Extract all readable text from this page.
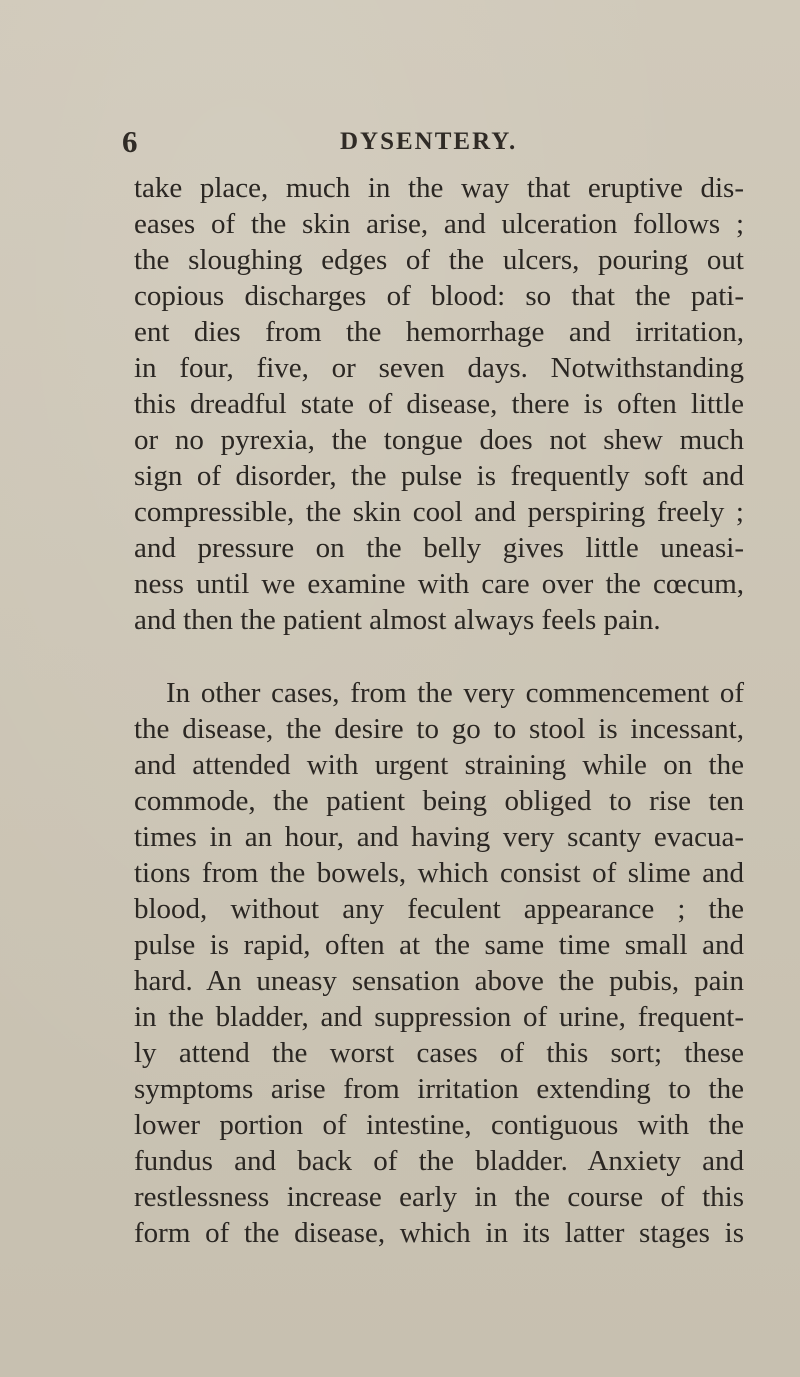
6	DYSENTERY.
take place, much in the way that eruptive dis-
eases of the skin arise, and ulceration follows ;
the sloughing edges of the ulcers, pouring out
copious discharges of blood: so that the pati-
ent dies from the hemorrhage and irritation,
in four, five, or seven days. Notwithstanding
this dreadful state of disease, there is often little
or no pyrexia, the tongue does not shew much
sign of disorder, the pulse is frequently soft and
compressible, the skin cool and perspiring freely ;
and pressure on the belly gives little uneasi-
ness until we examine with care over the cœcum,
and then the patient almost always feels pain.
In other cases, from the very commencement of
the disease, the desire to go to stool is incessant,
and attended with urgent straining while on the
commode, the patient being obliged to rise ten
times in an hour, and having very scanty evacua-
tions from the bowels, which consist of slime and
blood, without any feculent appearance ; the
pulse is rapid, often at the same time small and
hard. An uneasy sensation above the pubis, pain
in the bladder, and suppression of urine, frequent-
ly attend the worst cases of this sort; these
symptoms arise from irritation extending to the
lower portion of intestine, contiguous with the
fundus and back of the bladder. Anxiety and
restlessness increase early in the course of this
form of the disease, which in its latter stages is
